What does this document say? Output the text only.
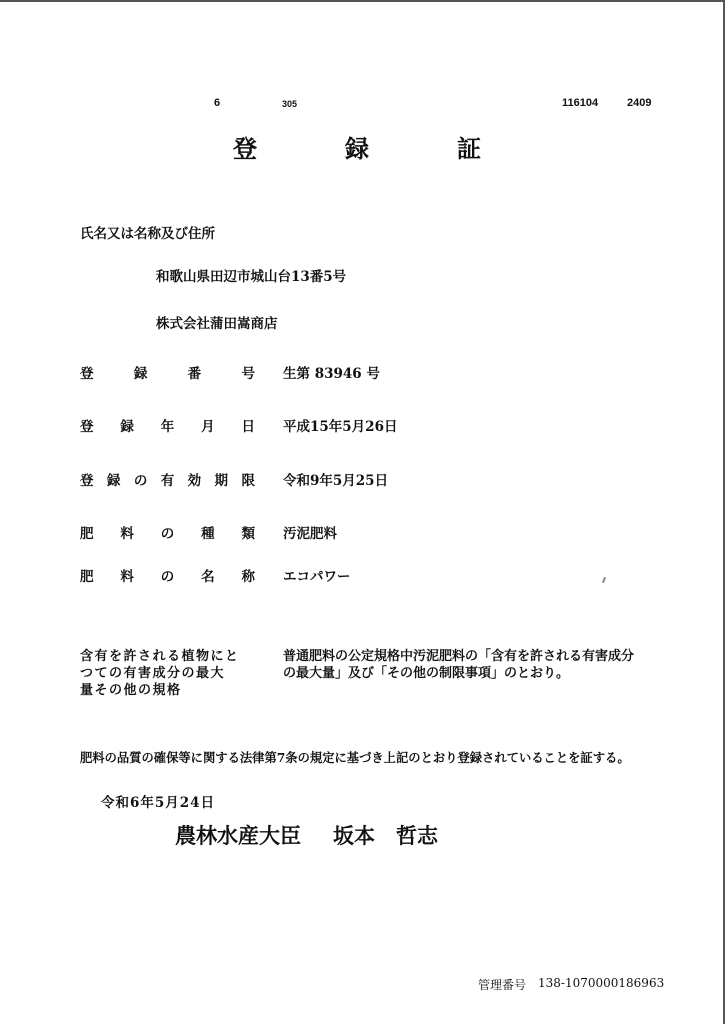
6	305	116104	2409
登	録	証
氏名又は名称及び住所
和歌山県田辺市城山台13番5号
株式会社蒲田嵩商店
登	録	番	号 生第 83946 号
登 録 年 月 日 平成15年5月26日
登 録 の 有 効 期 限 令和9年5月25日
肥 料 の 種 類 汚泥肥料
肥 料 の 名 称 エコパワー
含有を許される植物にと
つての有害成分の最大
量その他の規格
普通肥料の公定規格中汚泥肥料の「含有を許される有害成分
の最大量」及び「その他の制限事項」のとおり。
肥料の品質の確保等に関する法律第7条の規定に基づき上記のとおり登録されていることを証する。
令和6年5月24日
農林水産大臣 坂本　哲志
管理番号 138-1070000186963
